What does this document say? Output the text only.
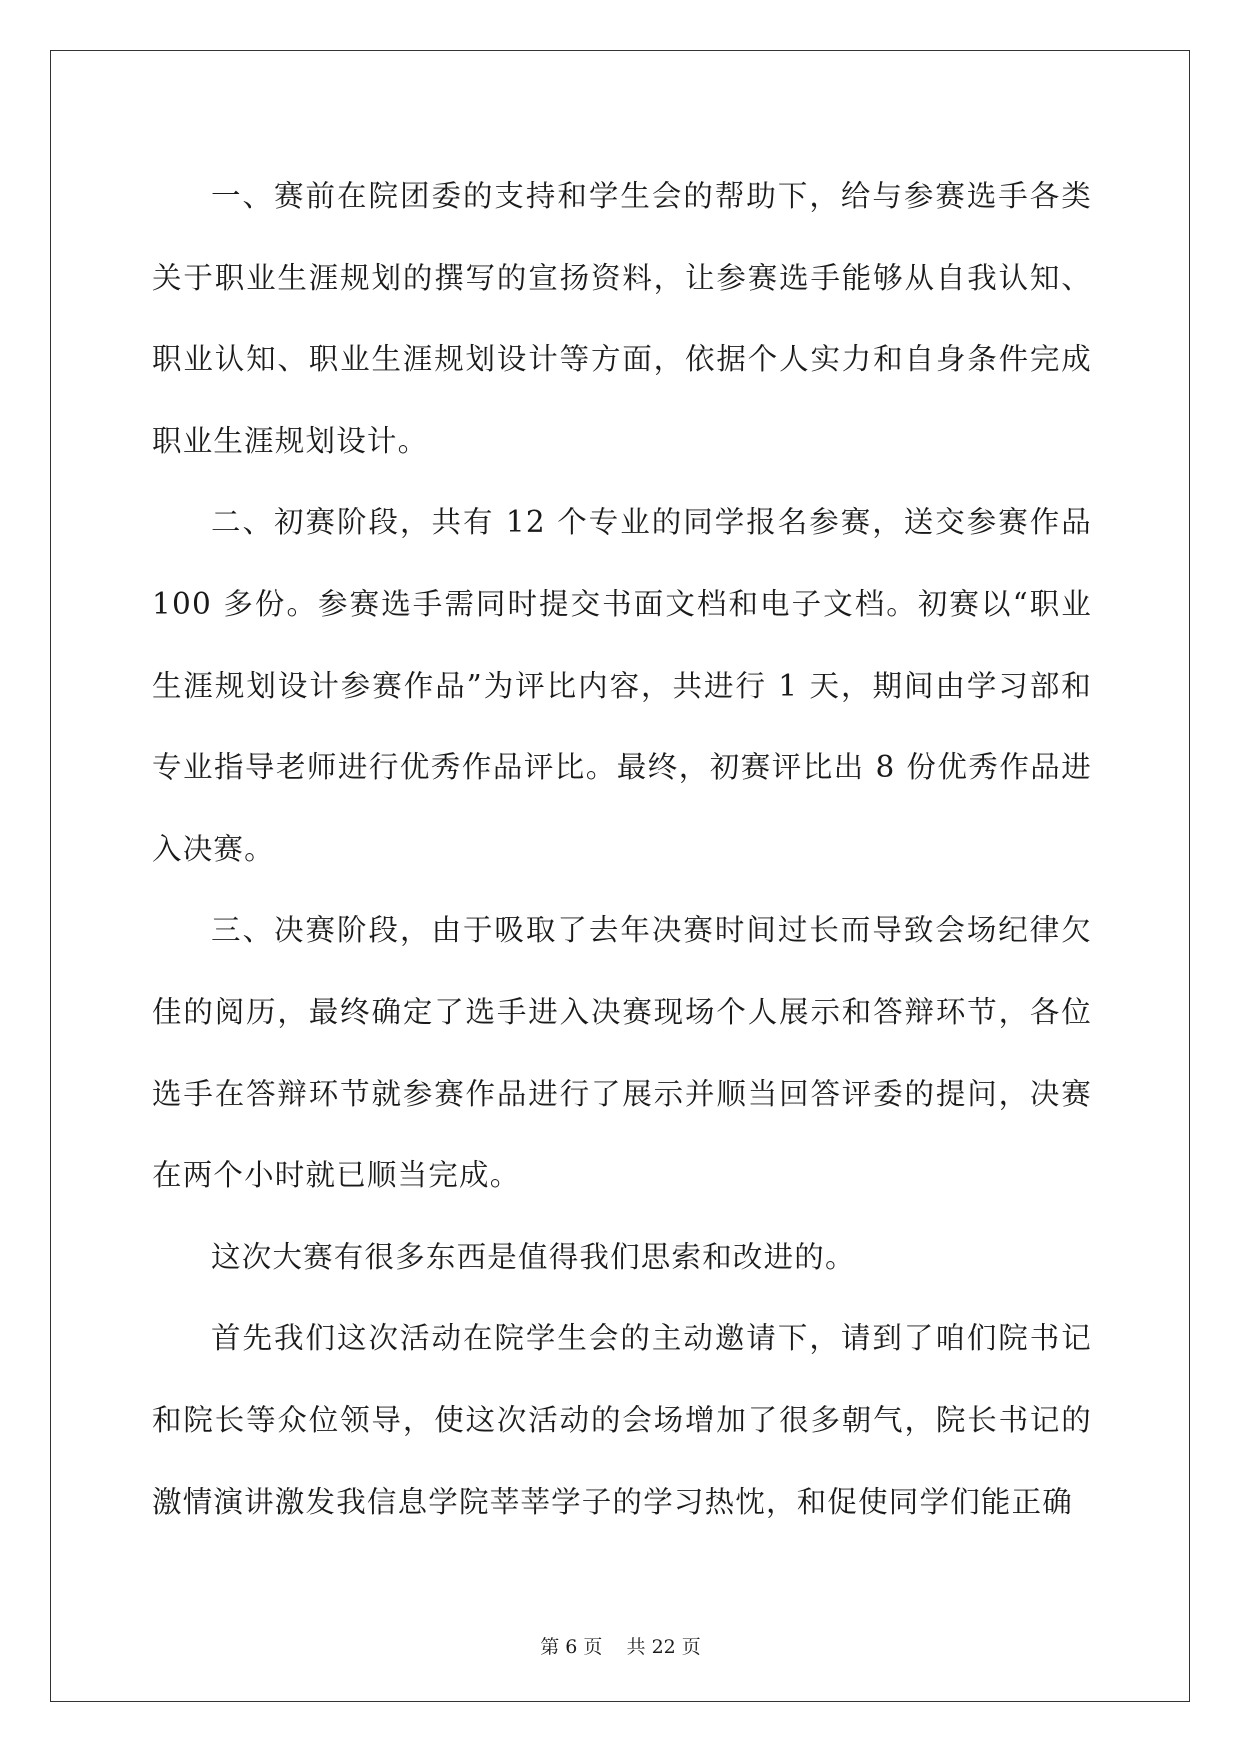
一、赛前在院团委的支持和学生会的帮助下，给与参赛选手各类关于职业生涯规划的撰写的宣扬资料，让参赛选手能够从自我认知、职业认知、职业生涯规划设计等方面，依据个人实力和自身条件完成职业生涯规划设计。

二、初赛阶段，共有 12 个专业的同学报名参赛，送交参赛作品 100 多份。参赛选手需同时提交书面文档和电子文档。初赛以“职业生涯规划设计参赛作品”为评比内容，共进行 1 天，期间由学习部和专业指导老师进行优秀作品评比。最终，初赛评比出 8 份优秀作品进入决赛。

三、决赛阶段，由于吸取了去年决赛时间过长而导致会场纪律欠佳的阅历，最终确定了选手进入决赛现场个人展示和答辩环节，各位选手在答辩环节就参赛作品进行了展示并顺当回答评委的提问，决赛在两个小时就已顺当完成。

这次大赛有很多东西是值得我们思索和改进的。

首先我们这次活动在院学生会的主动邀请下，请到了咱们院书记和院长等众位领导，使这次活动的会场增加了很多朝气，院长书记的激情演讲激发我信息学院莘莘学子的学习热忱，和促使同学们能正确

第 6 页 共 22 页
